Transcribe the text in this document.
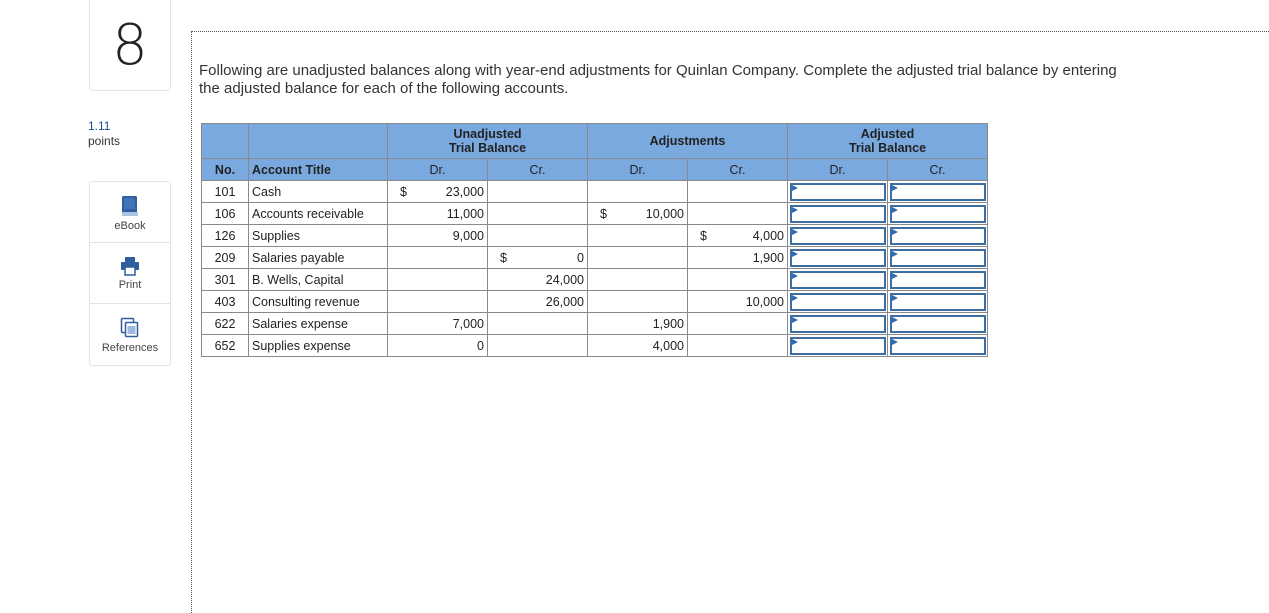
8
1.11
points
eBook
Print
References
Following are unadjusted balances along with year-end adjustments for Quinlan Company. Complete the adjusted trial balance by entering the adjusted balance for each of the following accounts.
		Unadjusted
Trial Balance		Adjustments		Adjusted
Trial Balance	
No.	Account Title	Dr.	Cr.	Dr.	Cr.	Dr.	Cr.
101	Cash	$ 23,000	

106	Accounts receivable	11,000		$ 10,000	

126	Supplies	9,000			$ 4,000	

209	Salaries payable		$ 0		1,900	

301	B. Wells, Capital		24,000	

403	Consulting revenue		26,000		10,000	

622	Salaries expense	7,000		1,900	

652	Supplies expense	0		4,000	
